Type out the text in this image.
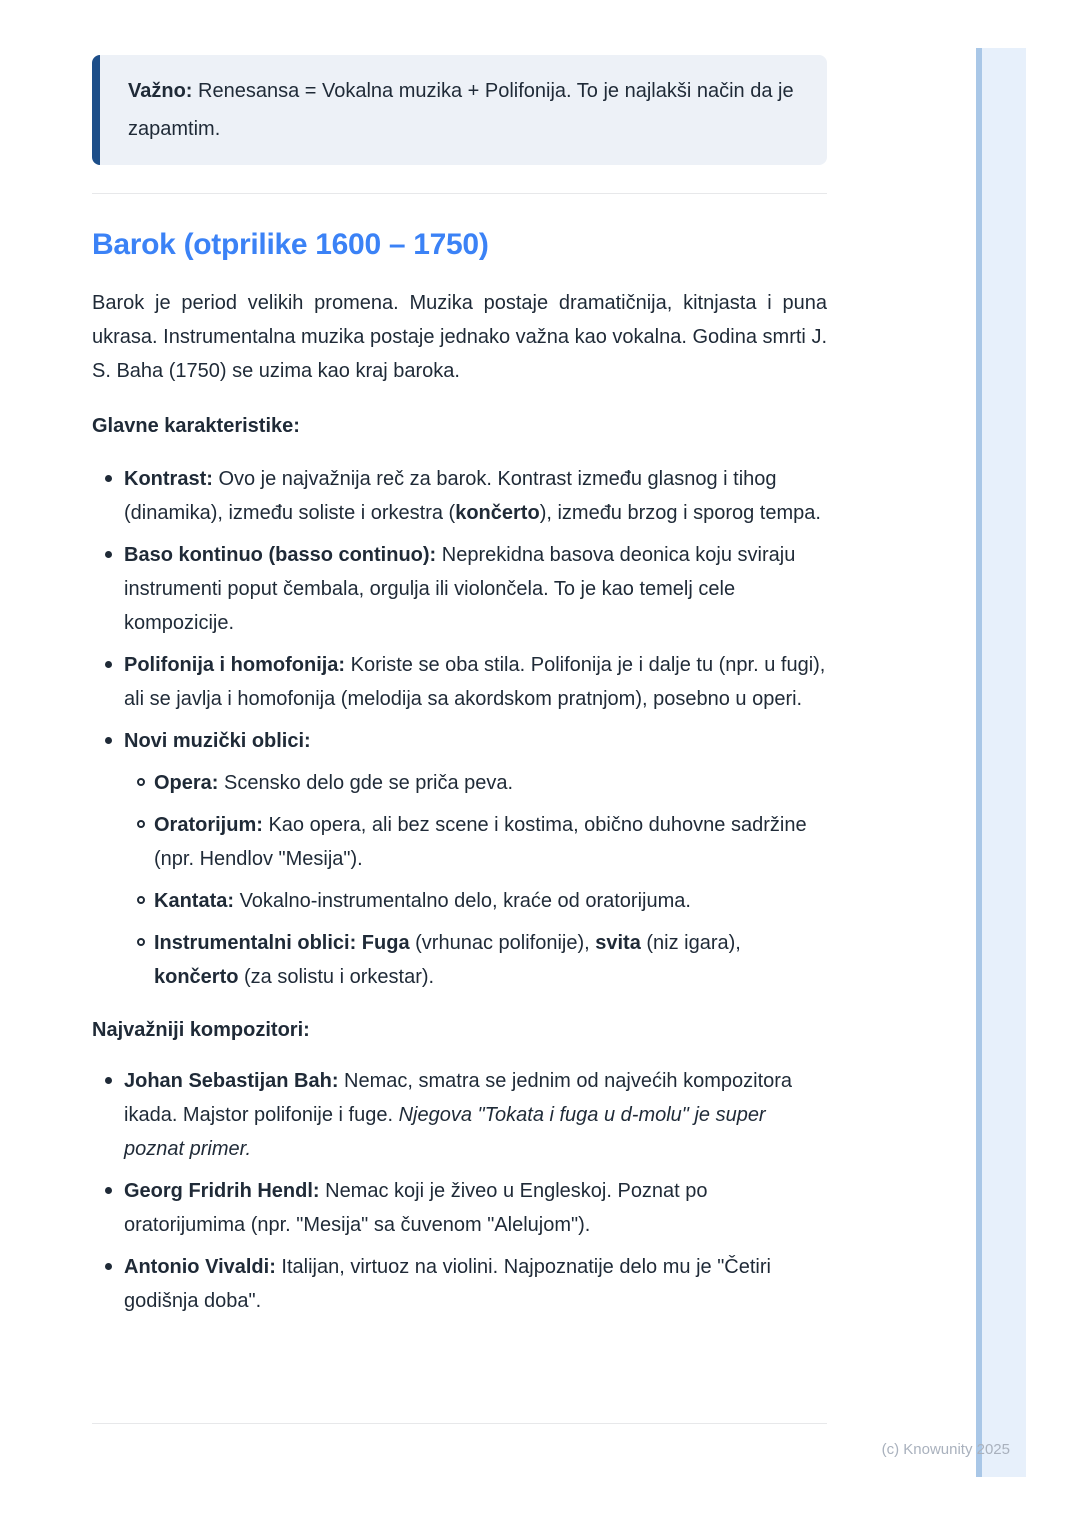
Važno: Renesansa = Vokalna muzika + Polifonija. To je najlakši način da je zapamtim.

Barok (otprilike 1600 – 1750)

Barok je period velikih promena. Muzika postaje dramatičnija, kitnjasta i puna ukrasa. Instrumentalna muzika postaje jednako važna kao vokalna. Godina smrti J. S. Baha (1750) se uzima kao kraj baroka.

Glavne karakteristike:

Kontrast: Ovo je najvažnija reč za barok. Kontrast između glasnog i tihog (dinamika), između soliste i orkestra (končerto), između brzog i sporog tempa.

Baso kontinuo (basso continuo): Neprekidna basova deonica koju sviraju instrumenti poput čembala, orgulja ili violončela. To je kao temelj cele kompozicije.

Polifonija i homofonija: Koriste se oba stila. Polifonija je i dalje tu (npr. u fugi), ali se javlja i homofonija (melodija sa akordskom pratnjom), posebno u operi.

Novi muzički oblici:

Opera: Scensko delo gde se priča peva.

Oratorijum: Kao opera, ali bez scene i kostima, obično duhovne sadržine (npr. Hendlov "Mesija").

Kantata: Vokalno-instrumentalno delo, kraće od oratorijuma.

Instrumentalni oblici: Fuga (vrhunac polifonije), svita (niz igara), končerto (za solistu i orkestar).

Najvažniji kompozitori:

Johan Sebastijan Bah: Nemac, smatra se jednim od najvećih kompozitora ikada. Majstor polifonije i fuge. Njegova "Tokata i fuga u d-molu" je super poznat primer.

Georg Fridrih Hendl: Nemac koji je živeo u Engleskoj. Poznat po oratorijumima (npr. "Mesija" sa čuvenom "Alelujom").

Antonio Vivaldi: Italijan, virtuoz na violini. Najpoznatije delo mu je "Četiri godišnja doba".

(c) Knowunity 2025
